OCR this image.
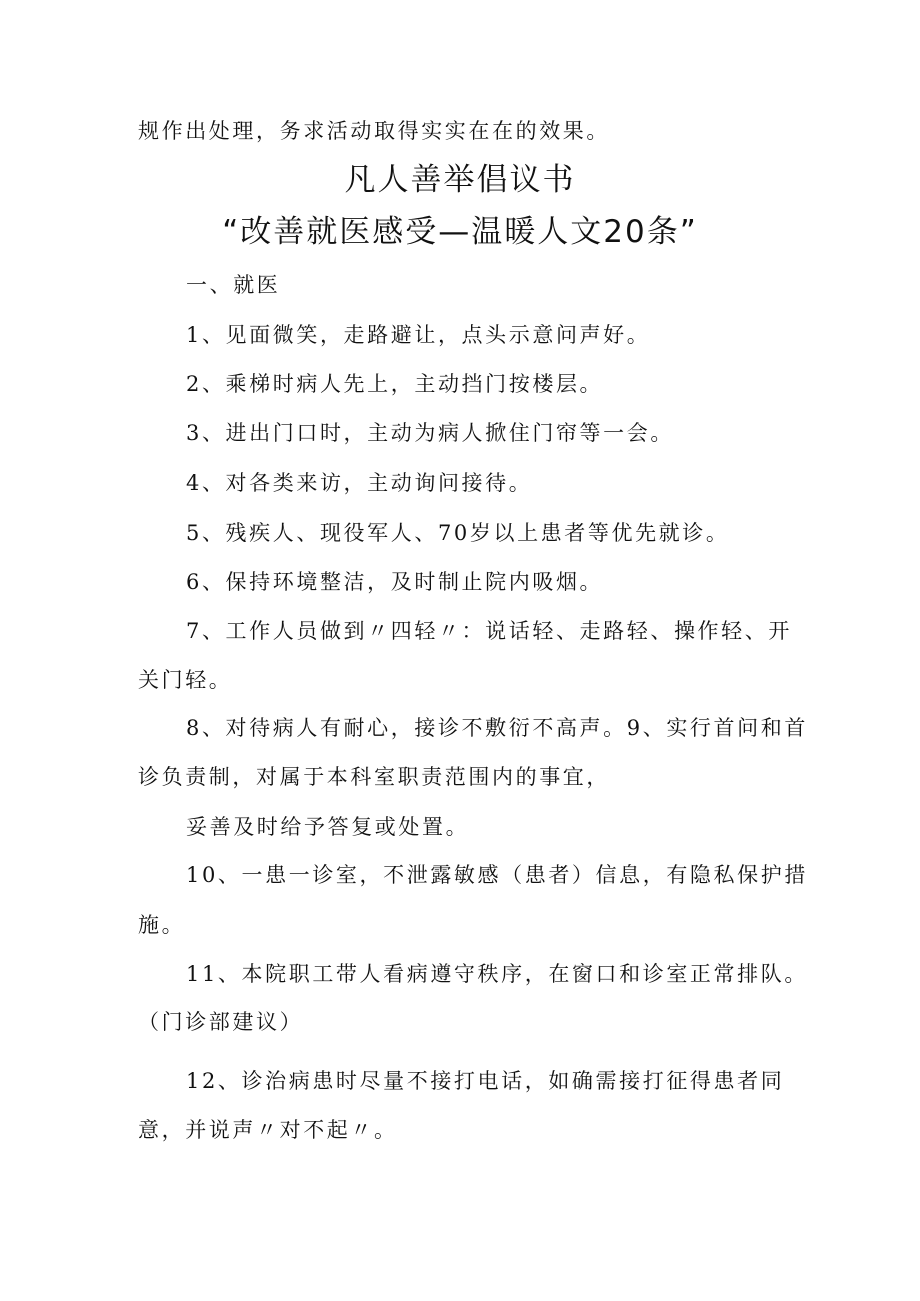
规作出处理，务求活动取得实实在在的效果。
凡人善举倡议书
“改善就医感受—温暖人文20条”
一、就医
1、见面微笑，走路避让，点头示意问声好。
2、乘梯时病人先上，主动挡门按楼层。
3、进出门口时，主动为病人掀住门帘等一会。
4、对各类来访，主动询问接待。
5、残疾人、现役军人、70岁以上患者等优先就诊。
6、保持环境整洁，及时制止院内吸烟。
7、工作人员做到〃四轻〃：说话轻、走路轻、操作轻、开
关门轻。
8、对待病人有耐心，接诊不敷衍不高声。9、实行首问和首
诊负责制，对属于本科室职责范围内的事宜，
妥善及时给予答复或处置。
10、一患一诊室，不泄露敏感（患者）信息，有隐私保护措
施。
11、本院职工带人看病遵守秩序，在窗口和诊室正常排队。
（门诊部建议）
12、诊治病患时尽量不接打电话，如确需接打征得患者同
意，并说声〃对不起〃。
